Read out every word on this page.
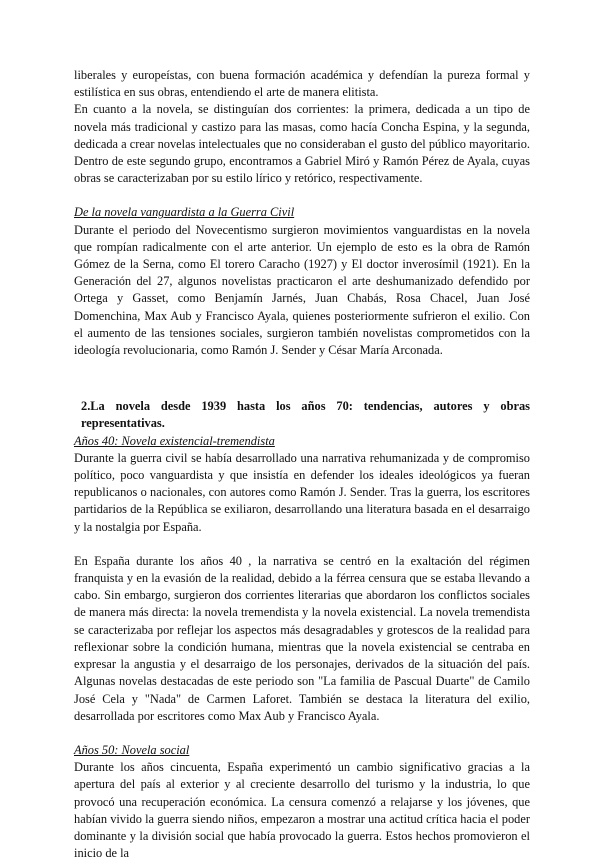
liberales y europeístas, con buena formación académica y defendían la pureza formal y estilística en sus obras, entendiendo el arte de manera elitista.

En cuanto a la novela, se distinguían dos corrientes: la primera, dedicada a un tipo de novela más tradicional y castizo para las masas, como hacía Concha Espina, y la segunda, dedicada a crear novelas intelectuales que no consideraban el gusto del público mayoritario. Dentro de este segundo grupo, encontramos a Gabriel Miró y Ramón Pérez de Ayala, cuyas obras se caracterizaban por su estilo lírico y retórico, respectivamente.

De la novela vanguardista a la Guerra Civil

Durante el periodo del Novecentismo surgieron movimientos vanguardistas en la novela que rompían radicalmente con el arte anterior. Un ejemplo de esto es la obra de Ramón Gómez de la Serna, como El torero Caracho (1927) y El doctor inverosímil (1921). En la Generación del 27, algunos novelistas practicaron el arte deshumanizado defendido por Ortega y Gasset, como Benjamín Jarnés, Juan Chabás, Rosa Chacel, Juan José Domenchina, Max Aub y Francisco Ayala, quienes posteriormente sufrieron el exilio. Con el aumento de las tensiones sociales, surgieron también novelistas comprometidos con la ideología revolucionaria, como Ramón J. Sender y César María Arconada.

2.La novela desde 1939 hasta los años 70: tendencias, autores y obras representativas.

Años 40: Novela existencial-tremendista

Durante la guerra civil se había desarrollado una narrativa rehumanizada y de compromiso político, poco vanguardista y que insistía en defender los ideales ideológicos ya fueran republicanos o nacionales, con autores como Ramón J. Sender. Tras la guerra, los escritores partidarios de la República se exiliaron, desarrollando una literatura basada en el desarraigo y la nostalgia por España.

En España durante los años 40 , la narrativa se centró en la exaltación del régimen franquista y en la evasión de la realidad, debido a la férrea censura que se estaba llevando a cabo. Sin embargo, surgieron dos corrientes literarias que abordaron los conflictos sociales de manera más directa: la novela tremendista y la novela existencial. La novela tremendista se caracterizaba por reflejar los aspectos más desagradables y grotescos de la realidad para reflexionar sobre la condición humana, mientras que la novela existencial se centraba en expresar la angustia y el desarraigo de los personajes, derivados de la situación del país. Algunas novelas destacadas de este periodo son "La familia de Pascual Duarte" de Camilo José Cela y "Nada" de Carmen Laforet. También se destaca la literatura del exilio, desarrollada por escritores como Max Aub y Francisco Ayala.

Años 50: Novela social

Durante los años cincuenta, España experimentó un cambio significativo gracias a la apertura del país al exterior y al creciente desarrollo del turismo y la industria, lo que provocó una recuperación económica. La censura comenzó a relajarse y los jóvenes, que habían vivido la guerra siendo niños, empezaron a mostrar una actitud crítica hacia el poder dominante y la división social que había provocado la guerra. Estos hechos promovieron el inicio de la
